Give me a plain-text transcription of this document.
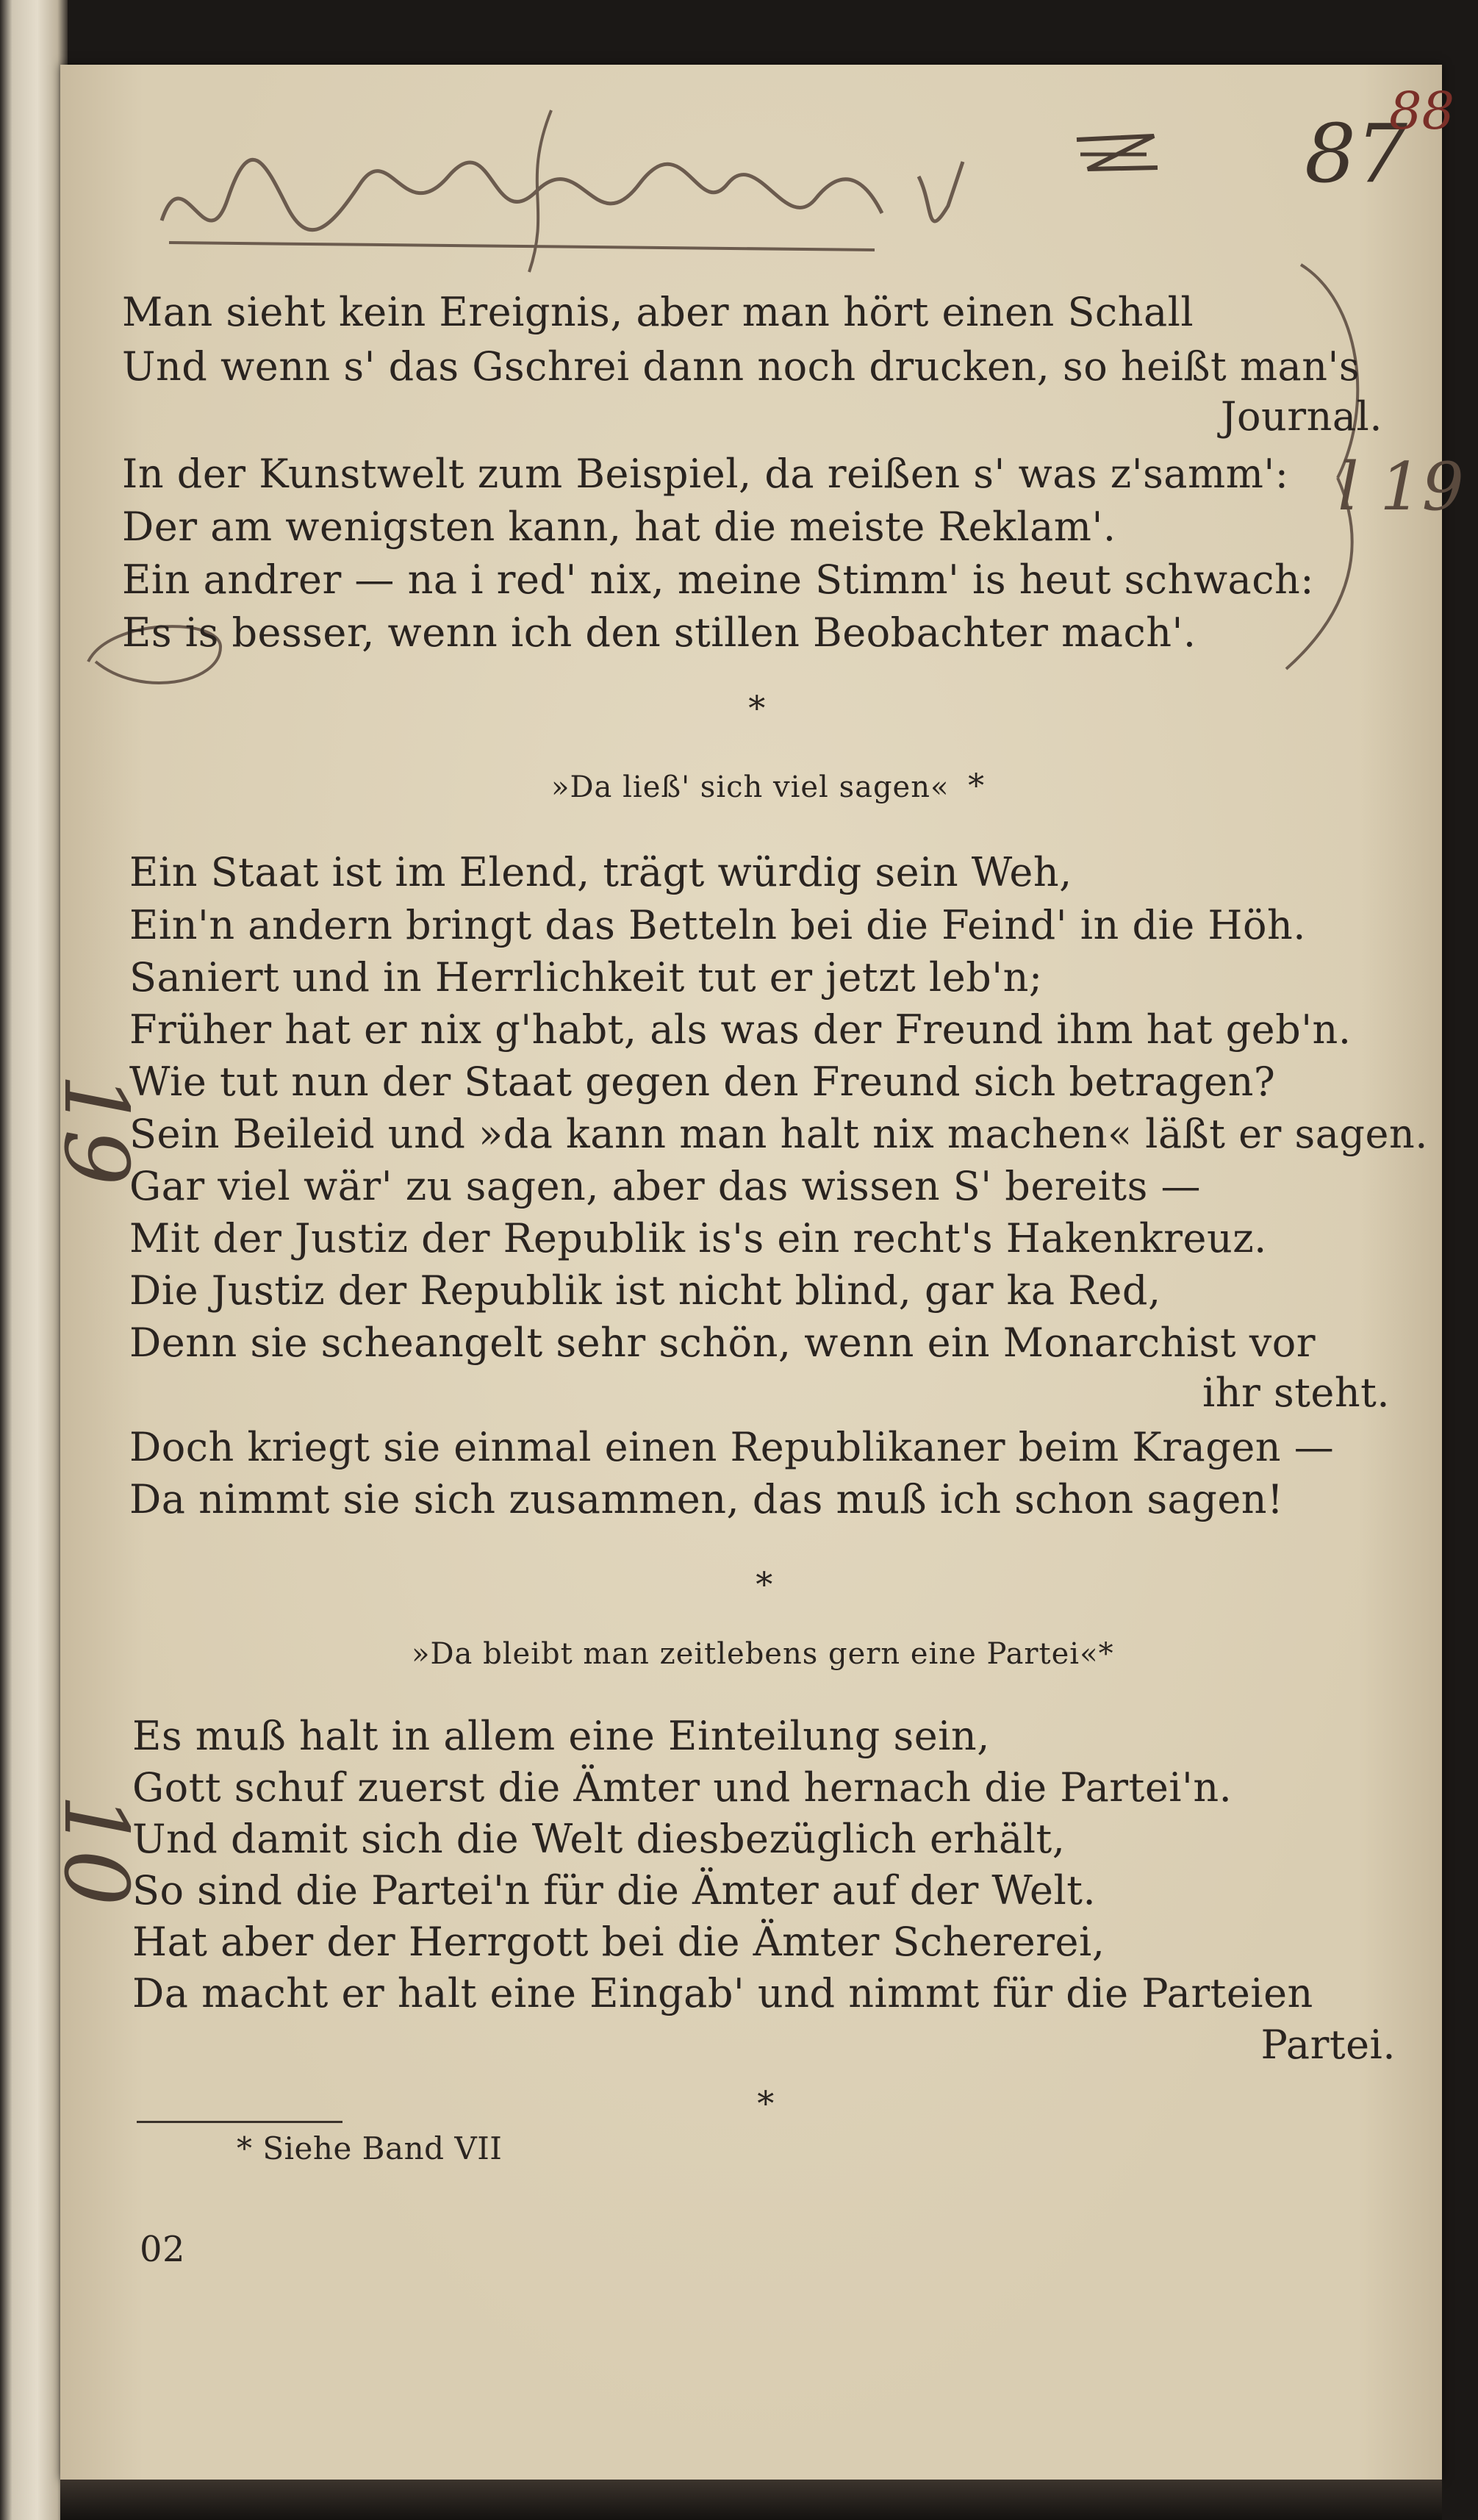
87
88
l 19
19
10
Man sieht kein Ereignis, aber man hört einen Schall
Und wenn s' das Gschrei dann noch drucken, so heißt man's
Journal.
In der Kunstwelt zum Beispiel, da reißen s' was z'samm':
Der am wenigsten kann, hat die meiste Reklam'.
Ein andrer — na i red' nix, meine Stimm' is heut schwach:
Es is besser, wenn ich den stillen Beobachter mach'.
*
»Da ließ' sich viel sagen« *
Ein Staat ist im Elend, trägt würdig sein Weh,
Ein'n andern bringt das Betteln bei die Feind' in die Höh.
Saniert und in Herrlichkeit tut er jetzt leb'n;
Früher hat er nix g'habt, als was der Freund ihm hat geb'n.
Wie tut nun der Staat gegen den Freund sich betragen?
Sein Beileid und »da kann man halt nix machen« läßt er sagen.
Gar viel wär' zu sagen, aber das wissen S' bereits —
Mit der Justiz der Republik is's ein recht's Hakenkreuz.
Die Justiz der Republik ist nicht blind, gar ka Red,
Denn sie scheangelt sehr schön, wenn ein Monarchist vor
ihr steht.
Doch kriegt sie einmal einen Republikaner beim Kragen —
Da nimmt sie sich zusammen, das muß ich schon sagen!
*
»Da bleibt man zeitlebens gern eine Partei«*
Es muß halt in allem eine Einteilung sein,
Gott schuf zuerst die Ämter und hernach die Partei'n.
Und damit sich die Welt diesbezüglich erhält,
So sind die Partei'n für die Ämter auf der Welt.
Hat aber der Herrgott bei die Ämter Schererei,
Da macht er halt eine Eingab' und nimmt für die Parteien
Partei.
*
* Siehe Band VII
02
